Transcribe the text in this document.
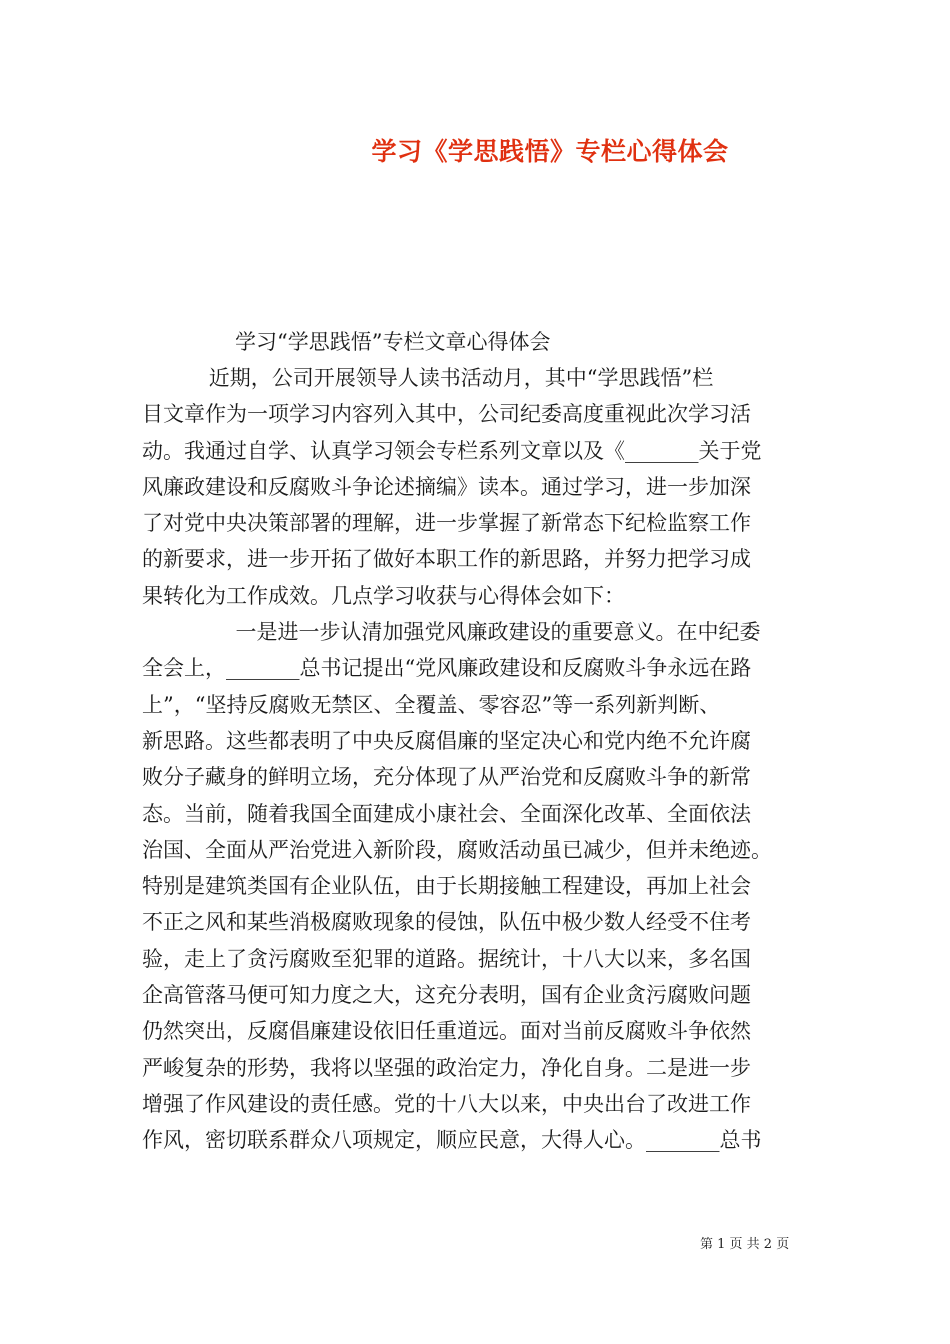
学习《学思践悟》专栏心得体会
学习“学思践悟”专栏文章心得体会
近期，公司开展领导人读书活动月，其中“学思践悟”栏
目文章作为一项学习内容列入其中，公司纪委高度重视此次学习活
动。我通过自学、认真学习领会专栏系列文章以及《_______关于党
风廉政建设和反腐败斗争论述摘编》读本。通过学习，进一步加深
了对党中央决策部署的理解，进一步掌握了新常态下纪检监察工作
的新要求，进一步开拓了做好本职工作的新思路，并努力把学习成
果转化为工作成效。几点学习收获与心得体会如下：
一是进一步认清加强党风廉政建设的重要意义。在中纪委
全会上，_______总书记提出“党风廉政建设和反腐败斗争永远在路
上”，“坚持反腐败无禁区、全覆盖、零容忍”等一系列新判断、
新思路。这些都表明了中央反腐倡廉的坚定决心和党内绝不允许腐
败分子藏身的鲜明立场，充分体现了从严治党和反腐败斗争的新常
态。当前，随着我国全面建成小康社会、全面深化改革、全面依法
治国、全面从严治党进入新阶段，腐败活动虽已减少，但并未绝迹。
特别是建筑类国有企业队伍，由于长期接触工程建设，再加上社会
不正之风和某些消极腐败现象的侵蚀，队伍中极少数人经受不住考
验，走上了贪污腐败至犯罪的道路。据统计，十八大以来，多名国
企高管落马便可知力度之大，这充分表明，国有企业贪污腐败问题
仍然突出，反腐倡廉建设依旧任重道远。面对当前反腐败斗争依然
严峻复杂的形势，我将以坚强的政治定力，净化自身。二是进一步
增强了作风建设的责任感。党的十八大以来，中央出台了改进工作
作风，密切联系群众八项规定，顺应民意，大得人心。_______总书
第 1 页 共 2 页
